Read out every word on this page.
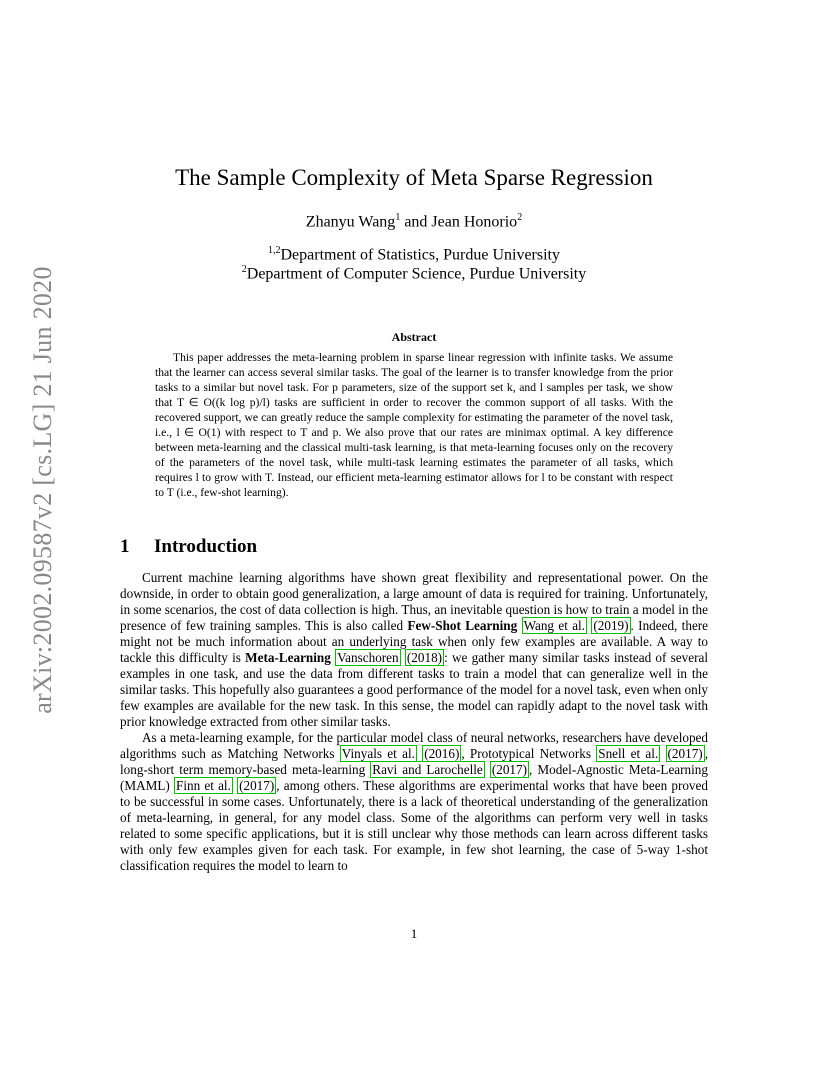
arXiv:2002.09587v2 [cs.LG] 21 Jun 2020
The Sample Complexity of Meta Sparse Regression
Zhanyu Wang$^1$ and Jean Honorio$^2$
$^{1,2}$Department of Statistics, Purdue University
$^2$Department of Computer Science, Purdue University
Abstract
This paper addresses the meta-learning problem in sparse linear regression with infinite tasks. We assume that the learner can access several similar tasks. The goal of the learner is to transfer knowledge from the prior tasks to a similar but novel task. For p parameters, size of the support set k, and l samples per task, we show that T ∈ O((k log p)/l) tasks are sufficient in order to recover the common support of all tasks. With the recovered support, we can greatly reduce the sample complexity for estimating the parameter of the novel task, i.e., l ∈ O(1) with respect to T and p. We also prove that our rates are minimax optimal. A key difference between meta-learning and the classical multi-task learning, is that meta-learning focuses only on the recovery of the parameters of the novel task, while multi-task learning estimates the parameter of all tasks, which requires l to grow with T. Instead, our efficient meta-learning estimator allows for l to be constant with respect to T (i.e., few-shot learning).
1 Introduction

Current machine learning algorithms have shown great flexibility and representational power. On the downside, in order to obtain good generalization, a large amount of data is required for training. Unfortunately, in some scenarios, the cost of data collection is high. Thus, an inevitable question is how to train a model in the presence of few training samples. This is also called Few-Shot Learning Wang et al. (2019) . Indeed, there might not be much information about an underlying task when only few examples are available. A way to tackle this difficulty is Meta-Learning Vanschoren (2018) : we gather many similar tasks instead of several examples in one task, and use the data from different tasks to train a model that can generalize well in the similar tasks. This hopefully also guarantees a good performance of the model for a novel task, even when only few examples are available for the new task. In this sense, the model can rapidly adapt to the novel task with prior knowledge extracted from other similar tasks.

As a meta-learning example, for the particular model class of neural networks, researchers have developed algorithms such as Matching Networks Vinyals et al. (2016) , Prototypical Networks Snell et al. (2017) , long-short term memory-based meta-learning Ravi and Larochelle (2017) , Model-Agnostic Meta-Learning (MAML) Finn et al. (2017) , among others. These algorithms are experimental works that have been proved to be successful in some cases. Unfortunately, there is a lack of theoretical understanding of the generalization of meta-learning, in general, for any model class. Some of the algorithms can perform very well in tasks related to some specific applications, but it is still unclear why those methods can learn across different tasks with only few examples given for each task. For example, in few shot learning, the case of 5-way 1-shot classification requires the model to learn to

1
